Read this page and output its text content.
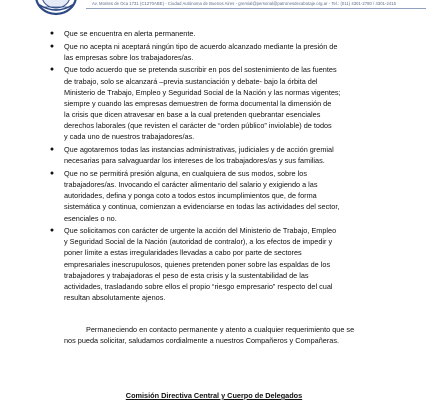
Av. Montes de Oca 1731 (C1270ABE) - Ciudad Autónoma de Buenos Aires - gremial@personal@patronesdecabotaje.org.ar - Tel.: (011) 4301-2780 / 4301-2415
● Que se encuentra en alerta permanente.

● Que no acepta ni aceptará ningún tipo de acuerdo alcanzado mediante la presión de

las empresas sobre los trabajadores/as.

● Que todo acuerdo que se pretenda suscribir en pos del sostenimiento de las fuentes

de trabajo, solo se alcanzará –previa sustanciación y debate- bajo la órbita del

Ministerio de Trabajo, Empleo y Seguridad Social de la Nación y las normas vigentes;

siempre y cuando las empresas demuestren de forma documental la dimensión de

la crisis que dicen atravesar en base a la cual pretenden quebrantar esenciales

derechos laborales (que revisten el carácter de “orden público” inviolable) de todos

y cada uno de nuestros trabajadores/as.

● Que agotaremos todas las instancias administrativas, judiciales y de acción gremial

necesarias para salvaguardar los intereses de los trabajadores/as y sus familias.

● Que no se permitirá presión alguna, en cualquiera de sus modos, sobre los

trabajadores/as. Invocando el carácter alimentario del salario y exigiendo a las

autoridades, defina y ponga coto a todos estos incumplimientos que, de forma

sistemática y continua, comienzan a evidenciarse en todas las actividades del sector,

esenciales o no.

● Que solicitamos con carácter de urgente la acción del Ministerio de Trabajo, Empleo

y Seguridad Social de la Nación (autoridad de contralor), a los efectos de impedir y

poner límite a estas irregularidades llevadas a cabo por parte de sectores

empresariales inescrupulosos, quienes pretenden poner sobre las espaldas de los

trabajadores y trabajadoras el peso de esta crisis y la sustentabilidad de las

actividades, trasladando sobre ellos el propio “riesgo empresario” respecto del cual

resultan absolutamente ajenos.

Permaneciendo en contacto permanente y atento a cualquier requerimiento que se

nos pueda solicitar, saludamos cordialmente a nuestros Compañeros y Compañeras.

Comisión Directiva Central y Cuerpo de Delegados
